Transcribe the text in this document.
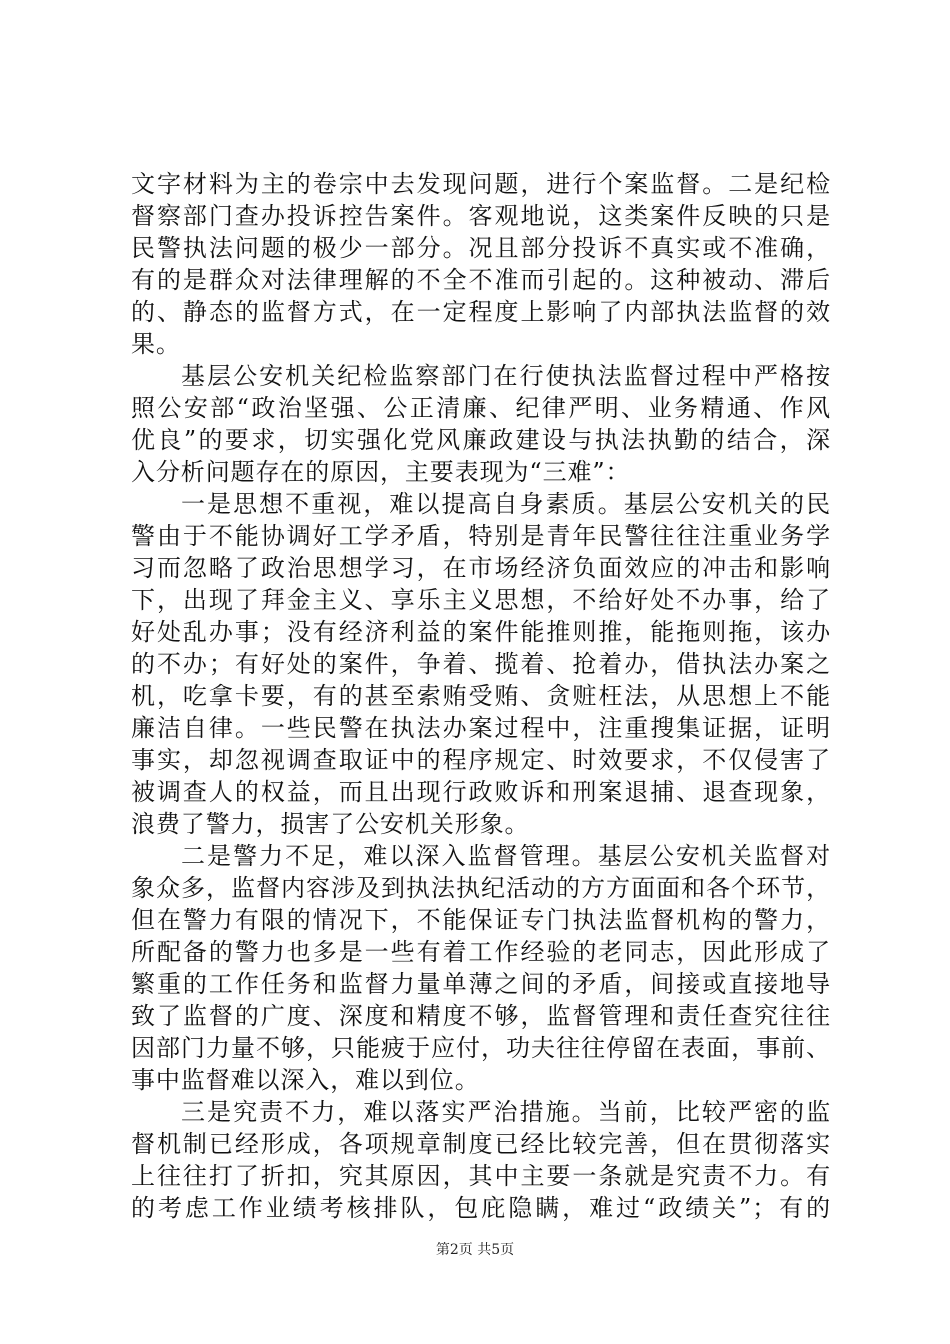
文字材料为主的卷宗中去发现问题，进行个案监督。二是纪检
督察部门查办投诉控告案件。客观地说，这类案件反映的只是
民警执法问题的极少一部分。况且部分投诉不真实或不准确，
有的是群众对法律理解的不全不准而引起的。这种被动、滞后
的、静态的监督方式，在一定程度上影响了内部执法监督的效
果。
基层公安机关纪检监察部门在行使执法监督过程中严格按
照公安部“政治坚强、公正清廉、纪律严明、业务精通、作风
优良”的要求，切实强化党风廉政建设与执法执勤的结合，深
入分析问题存在的原因，主要表现为“三难”：
一是思想不重视，难以提高自身素质。基层公安机关的民
警由于不能协调好工学矛盾，特别是青年民警往往注重业务学
习而忽略了政治思想学习，在市场经济负面效应的冲击和影响
下，出现了拜金主义、享乐主义思想，不给好处不办事，给了
好处乱办事；没有经济利益的案件能推则推，能拖则拖，该办
的不办；有好处的案件，争着、揽着、抢着办，借执法办案之
机，吃拿卡要，有的甚至索贿受贿、贪赃枉法，从思想上不能
廉洁自律。一些民警在执法办案过程中，注重搜集证据，证明
事实，却忽视调查取证中的程序规定、时效要求，不仅侵害了
被调查人的权益，而且出现行政败诉和刑案退捕、退查现象，
浪费了警力，损害了公安机关形象。
二是警力不足，难以深入监督管理。基层公安机关监督对
象众多，监督内容涉及到执法执纪活动的方方面面和各个环节，
但在警力有限的情况下，不能保证专门执法监督机构的警力，
所配备的警力也多是一些有着工作经验的老同志，因此形成了
繁重的工作任务和监督力量单薄之间的矛盾，间接或直接地导
致了监督的广度、深度和精度不够，监督管理和责任查究往往
因部门力量不够，只能疲于应付，功夫往往停留在表面，事前、
事中监督难以深入，难以到位。
三是究责不力，难以落实严治措施。当前，比较严密的监
督机制已经形成，各项规章制度已经比较完善，但在贯彻落实
上往往打了折扣，究其原因，其中主要一条就是究责不力。有
的考虑工作业绩考核排队，包庇隐瞒，难过“政绩关”；有的
第2页 共5页
